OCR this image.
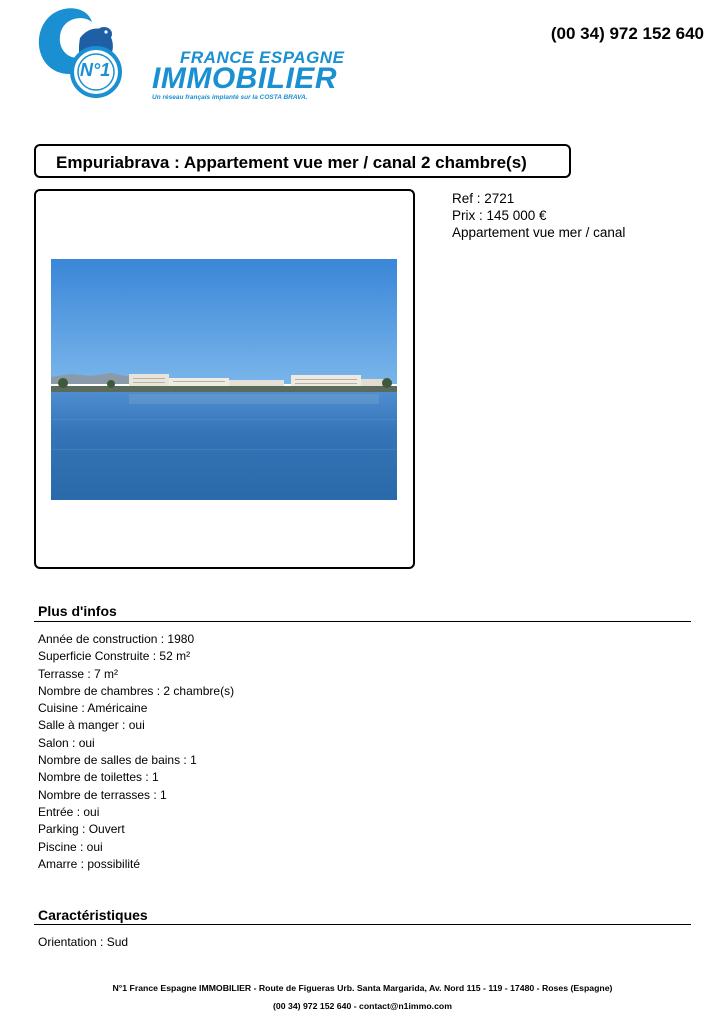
N°1
FRANCE ESPAGNE
IMMOBILIER
Un réseau français implanté sur la COSTA BRAVA.
(00 34) 972 152 640
Empuriabrava : Appartement vue mer / canal 2 chambre(s)
Ref : 2721
Prix : 145 000 €
Appartement vue mer / canal
Plus d'infos
Année de construction : 1980
Superficie Construite : 52 m²
Terrasse : 7 m²
Nombre de chambres : 2 chambre(s)
Cuisine : Américaine
Salle à manger : oui
Salon : oui
Nombre de salles de bains : 1
Nombre de toilettes : 1
Nombre de terrasses : 1
Entrée : oui
Parking : Ouvert
Piscine : oui
Amarre : possibilité
Caractéristiques
Orientation : Sud
N°1 France Espagne IMMOBILIER - Route de Figueras Urb. Santa Margarida, Av. Nord 115 - 119 - 17480 - Roses (Espagne)
(00 34) 972 152 640 - contact@n1immo.com
